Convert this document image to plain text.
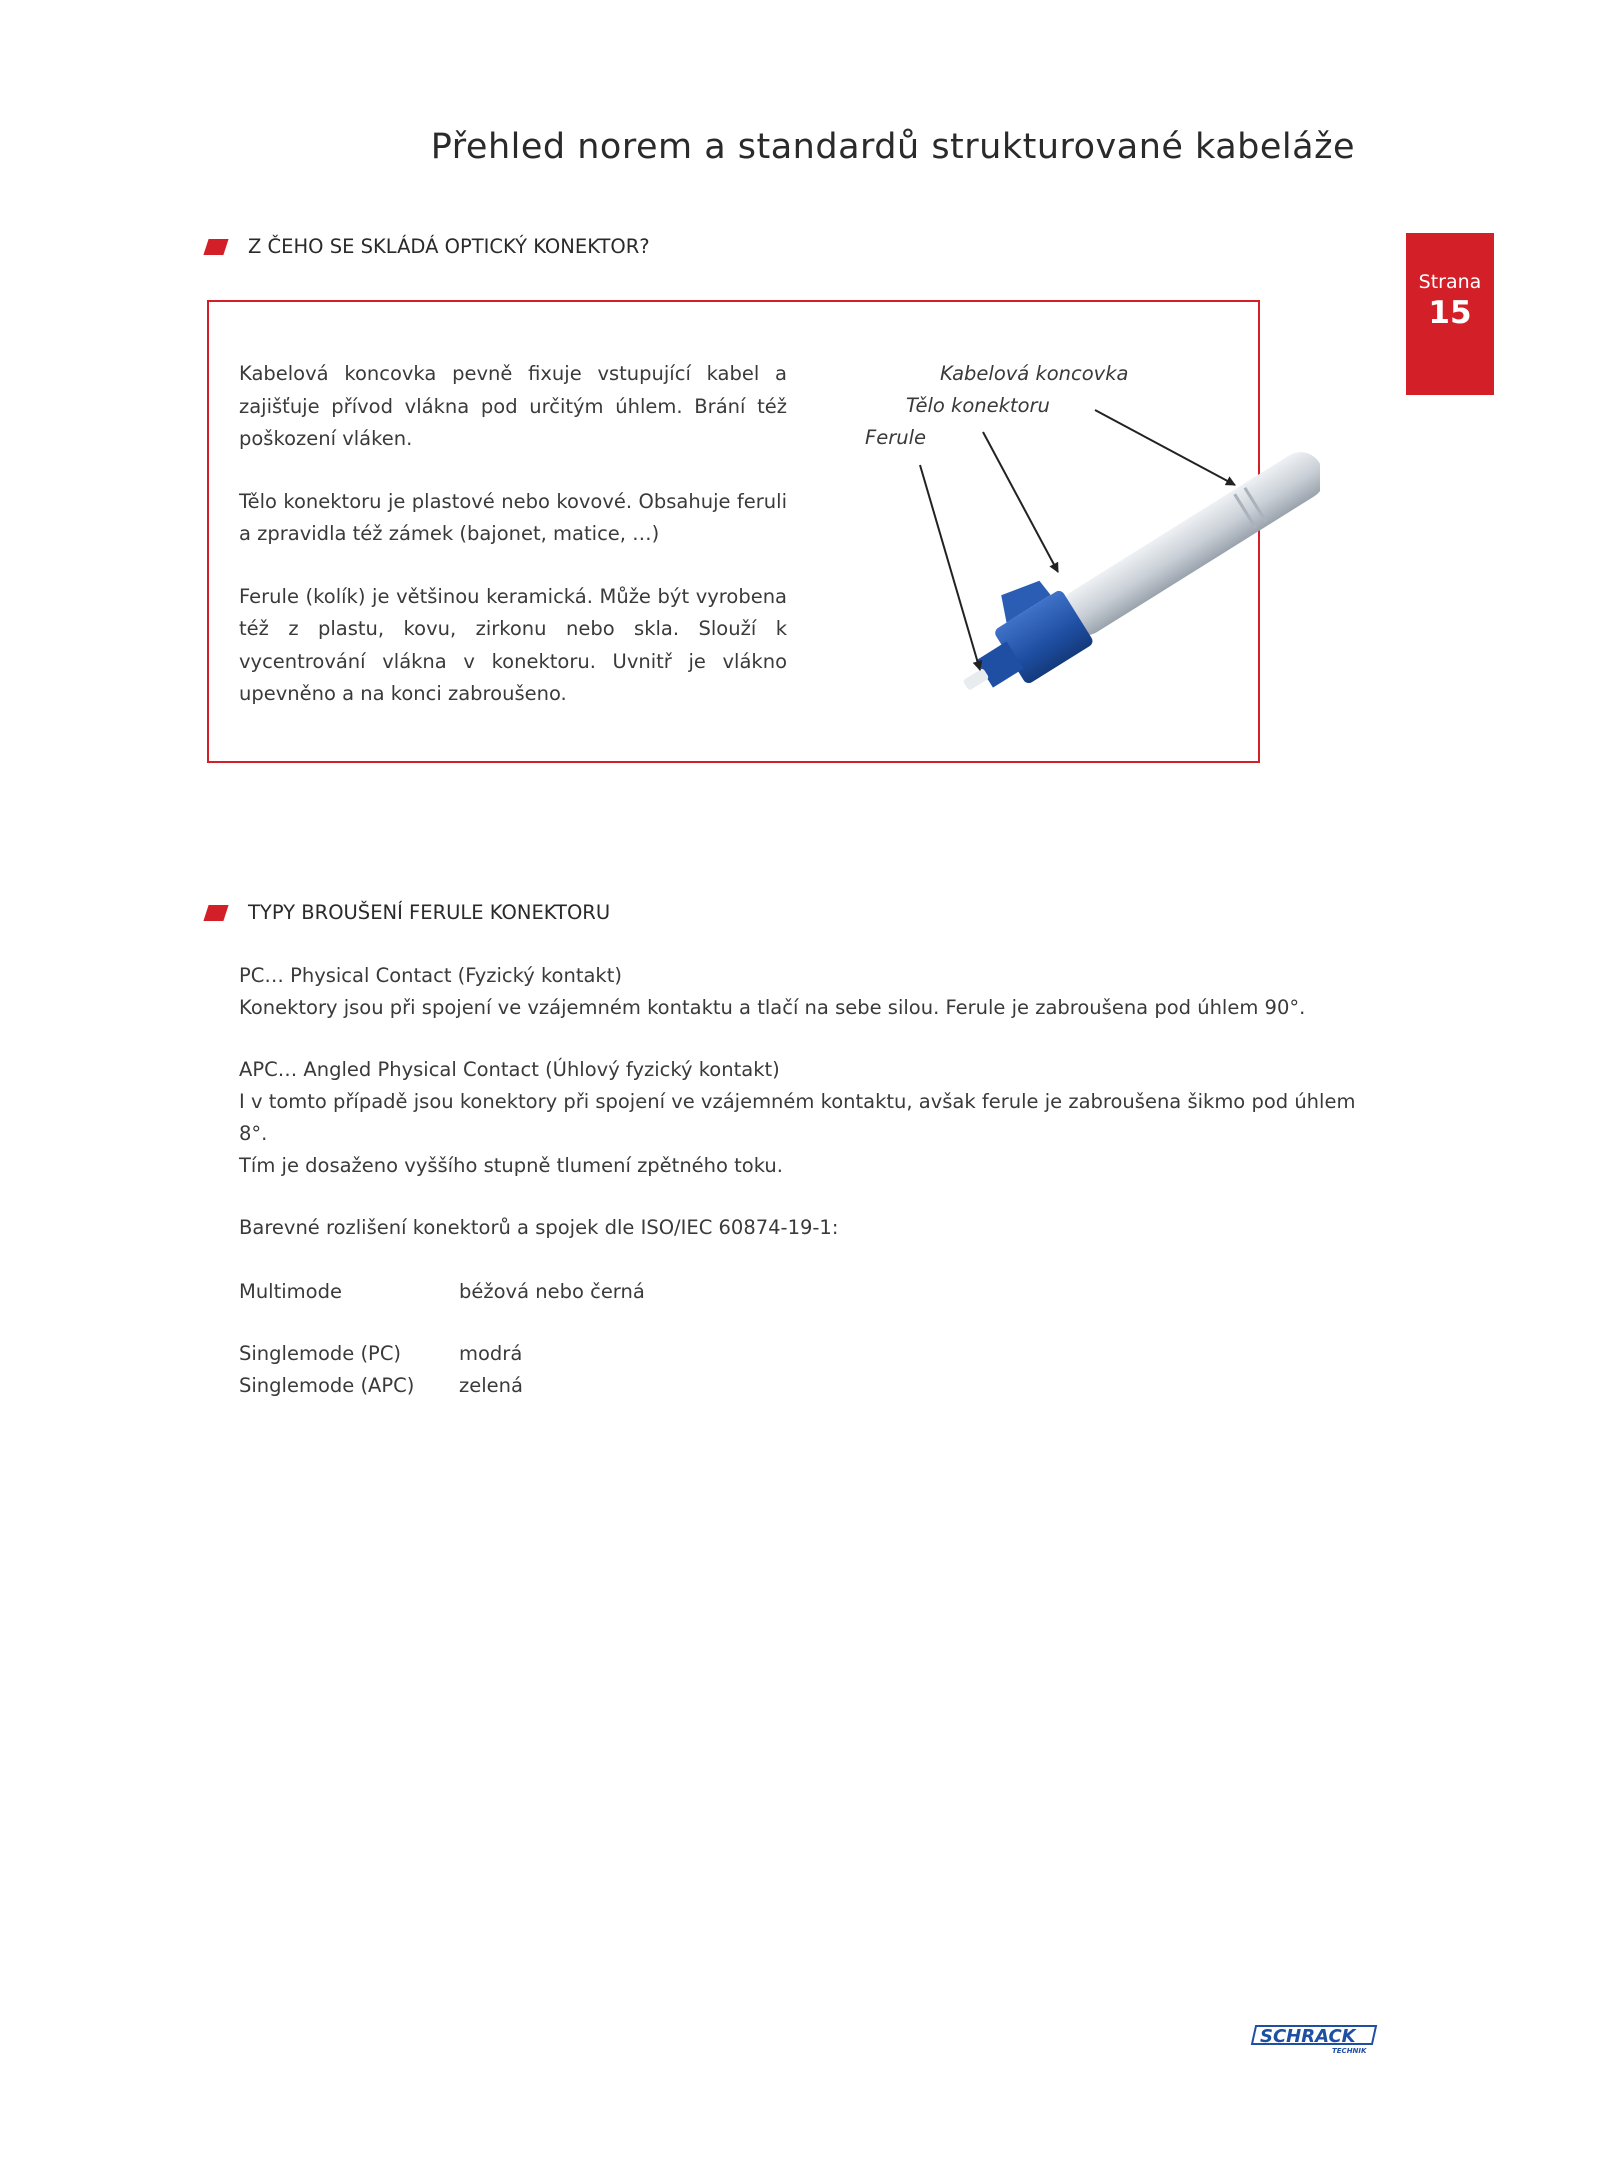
Přehled norem a standardů strukturované kabeláže
Strana
15
Z ČEHO SE SKLÁDÁ OPTICKÝ KONEKTOR?

Kabelová koncovka pevně fixuje vstupující kabel a zajišťuje přívod vlákna pod určitým úhlem. Brání též poškození vláken.

Tělo konektoru je plastové nebo kovové. Obsahuje feruli a zpravidla též zámek (bajonet, matice, …)

Ferule (kolík) je většinou keramická. Může být vyrobena též z plastu, kovu, zirkonu nebo skla. Slouží k vycentrování vlákna v konektoru. Uvnitř je vlákno upevněno a na konci zabroušeno.

Kabelová koncovka
Tělo konektoru
Ferule
TYPY BROUŠENÍ FERULE KONEKTORU
PC… Physical Contact (Fyzický kontakt)
Konektory jsou při spojení ve vzájemném kontaktu a tlačí na sebe silou. Ferule je zabroušena pod úhlem 90°.
APC… Angled Physical Contact (Úhlový fyzický kontakt)
I v tomto případě jsou konektory při spojení ve vzájemném kontaktu, avšak ferule je zabroušena šikmo pod úhlem 8°.
Tím je dosaženo vyššího stupně tlumení zpětného toku.
Barevné rozlišení konektorů a spojek dle ISO/IEC 60874-19-1:
Multimode	béžová nebo černá
Singlemode (PC)	modrá
Singlemode (APC)	zelená
SCHRACK
TECHNIK
